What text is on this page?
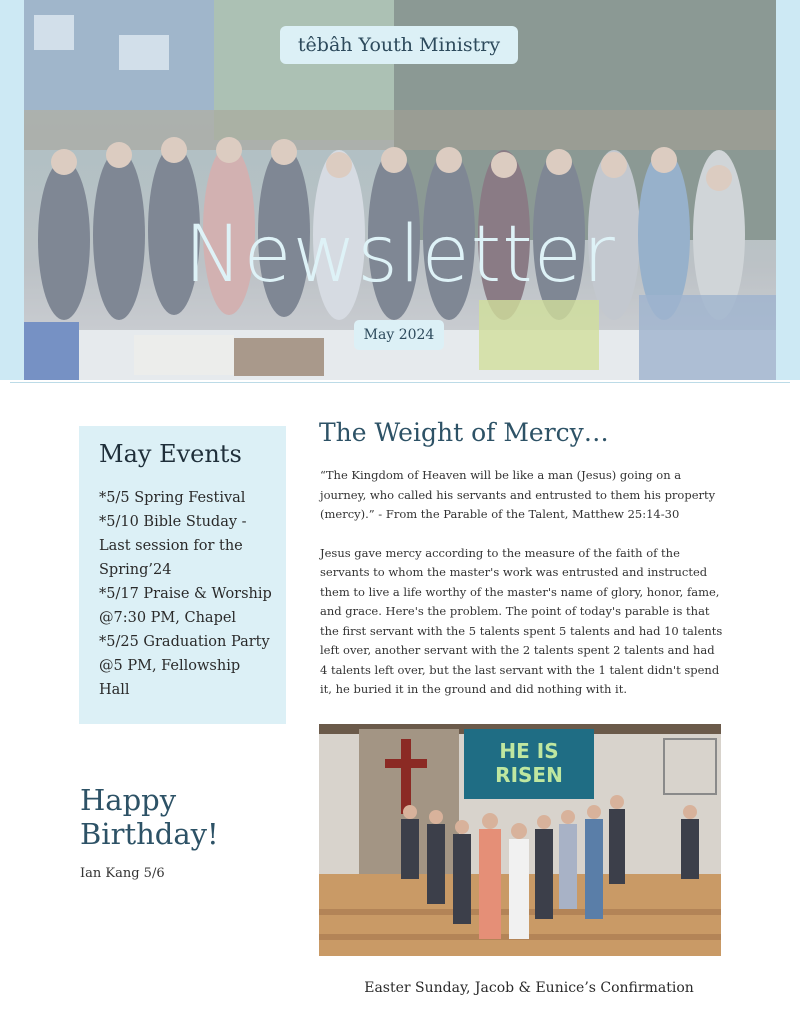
têbâh Youth Ministry
Newsletter
May 2024
May Events
*5/5 Spring Festival
*5/10 Bible Studay - Last session for the Spring’24
*5/17 Praise & Worship @7:30 PM, Chapel
*5/25 Graduation Party @5 PM, Fellowship Hall
The Weight of Mercy…

“The Kingdom of Heaven will be like a man (Jesus) going on a journey, who called his servants and entrusted to them his property (mercy).” - From the Parable of the Talent, Matthew 25:14-30

Jesus gave mercy according to the measure of the faith of the servants to whom the master's work was entrusted and instructed them to live a life worthy of the master's name of glory, honor, fame, and grace. Here's the problem. The point of today's parable is that the first servant with the 5 talents spent 5 talents and had 10 talents left over, another servant with the 2 talents spent 2 talents and had 4 talents left over, but the last servant with the 1 talent didn't spend it, he buried it in the ground and did nothing with it.

Happy
Birthday!
Ian Kang 5/6
HE IS
RISEN
Easter Sunday, Jacob & Eunice’s Confirmation
